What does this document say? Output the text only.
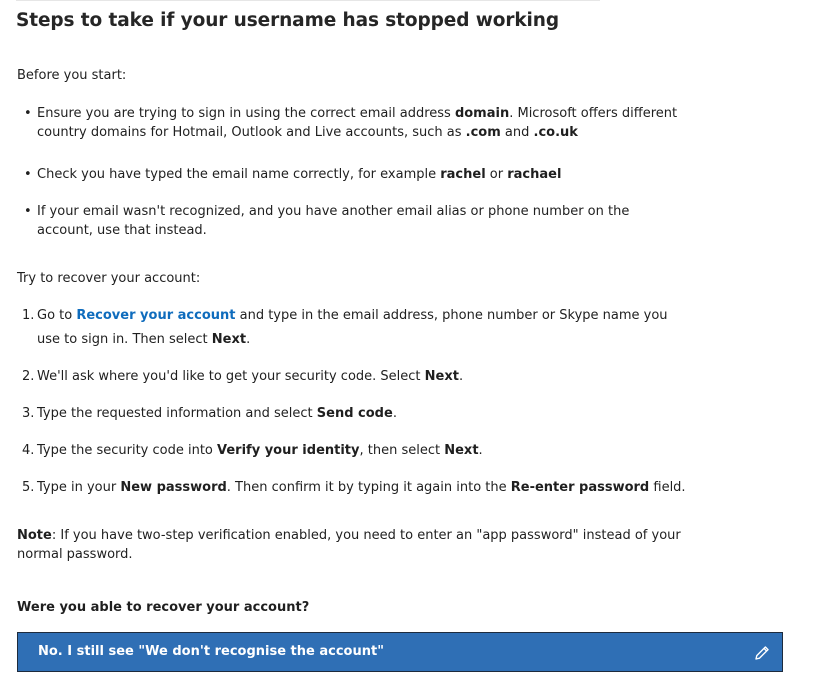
Steps to take if your username has stopped working

Before you start:

• Ensure you are trying to sign in using the correct email address domain. Microsoft offers different
country domains for Hotmail, Outlook and Live accounts, such as .com and .co.uk
• Check you have typed the email name correctly, for example rachel or rachael
• If your email wasn't recognized, and you have another email alias or phone number on the
account, use that instead.

Try to recover your account:

1. Go to Recover your account and type in the email address, phone number or Skype name you
use to sign in. Then select Next.
2. We'll ask where you'd like to get your security code. Select Next.
3. Type the requested information and select Send code.
4. Type the security code into Verify your identity, then select Next.
5. Type in your New password. Then confirm it by typing it again into the Re-enter password field.
Note: If you have two-step verification enabled, you need to enter an "app password" instead of your
normal password.

Were you able to recover your account?

No. I still see "We don't recognise the account"
